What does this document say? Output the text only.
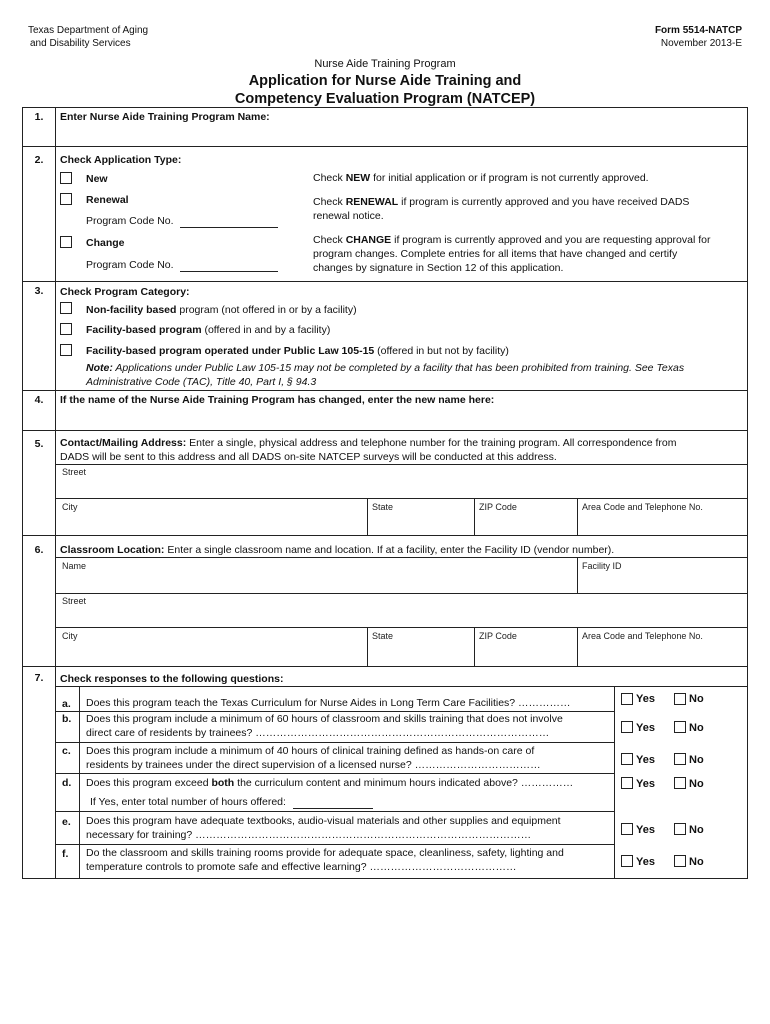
Texas Department of Aging
and Disability Services
Form 5514-NATCP
November 2013-E
Nurse Aide Training Program
Application for Nurse Aide Training and
Competency Evaluation Program (NATCEP)
1.	Enter Nurse Aide Training Program Name:
2.	Check Application Type:
New	Check NEW for initial application or if program is not currently approved.
Renewal	Check RENEWAL if program is currently approved and you have received DADS
renewal notice.
Program Code No.
Change	Check CHANGE if program is currently approved and you are requesting approval for
program changes. Complete entries for all items that have changed and certify
changes by signature in Section 12 of this application.
Program Code No.
3.	Check Program Category:
Non-facility based program (not offered in or by a facility)
Facility-based program (offered in and by a facility)
Facility-based program operated under Public Law 105-15 (offered in but not by facility)
Note: Applications under Public Law 105-15 may not be completed by a facility that has been prohibited from training. See Texas
Administrative Code (TAC), Title 40, Part I, § 94.3
4.	If the name of the Nurse Aide Training Program has changed, enter the new name here:
5.	Contact/Mailing Address: Enter a single, physical address and telephone number for the training program. All correspondence from
DADS will be sent to this address and all DADS on-site NATCEP surveys will be conducted at this address.
Street
City	State	ZIP Code	Area Code and Telephone No.
6.	Classroom Location: Enter a single classroom name and location. If at a facility, enter the Facility ID (vendor number).
Name	Facility ID
Street
City	State	ZIP Code	Area Code and Telephone No.
7.	Check responses to the following questions:
a. Does this program teach the Texas Curriculum for Nurse Aides in Long Term Care Facilities? ……………	Yes	No
b. Does this program include a minimum of 60 hours of classroom and skills training that does not involve
direct care of residents by trainees? …………………………………………………………………………	Yes	No
c. Does this program include a minimum of 40 hours of clinical training defined as hands-on care of
residents by trainees under the direct supervision of a licensed nurse? ………………………………	Yes	No
d. Does this program exceed both the curriculum content and minimum hours indicated above? ……………	Yes	No
If Yes, enter total number of hours offered:
e. Does this program have adequate textbooks, audio-visual materials and other supplies and equipment
necessary for training? ……………………………………………………………………………………	Yes	No
f. Do the classroom and skills training rooms provide for adequate space, cleanliness, safety, lighting and
temperature controls to promote safe and effective learning? ……………………………………	Yes	No
